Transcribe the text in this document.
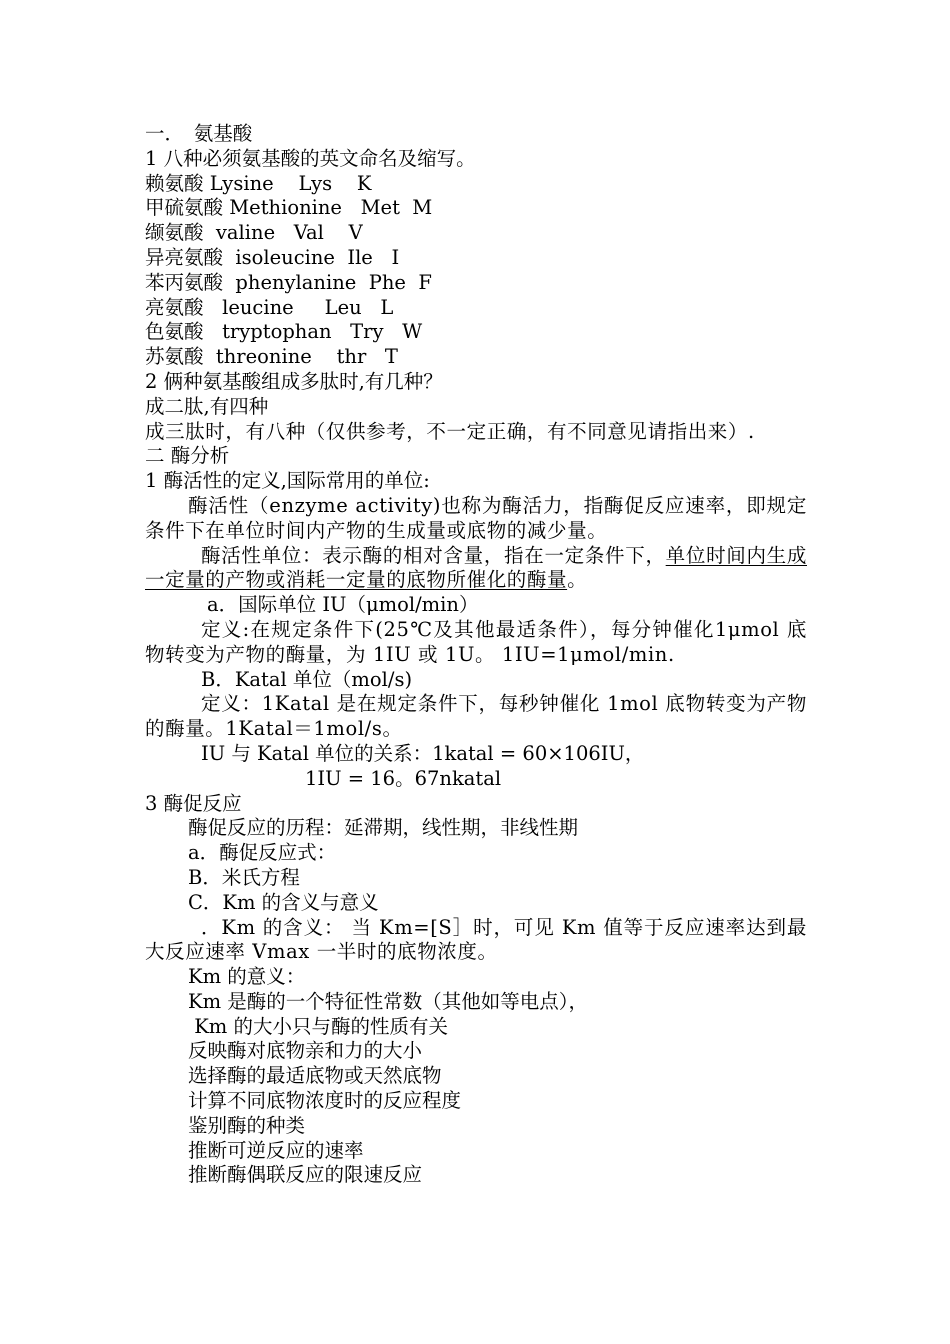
一．　氨基酸
1 八种必须氨基酸的英文命名及缩写。
赖氨酸 Lysine    Lys    K
甲硫氨酸 Methionine   Met  M
缬氨酸  valine   Val    V
异亮氨酸  isoleucine  Ile   I
苯丙氨酸  phenylanine  Phe  F
亮氨酸   leucine     Leu   L
色氨酸   tryptophan   Try   W
苏氨酸  threonine    thr   T
2 俩种氨基酸组成多肽时,有几种？
成二肽,有四种
成三肽时，有八种（仅供参考，不一定正确，有不同意见请指出来）.
二 酶分析
1 酶活性的定义,国际常用的单位:
酶活性（enzyme activity)也称为酶活力，指酶促反应速率，即规定条件下在单位时间内产物的生成量或底物的减少量。
酶活性单位：表示酶的相对含量，指在一定条件下，单位时间内生成一定量的产物或消耗一定量的底物所催化的酶量。
a．国际单位 IU（μmol/min）
定义:在规定条件下(25℃及其他最适条件），每分钟催化1μmol 底物转变为产物的酶量，为 1IU 或 1U。 1IU=1μmol/min.
B．Katal 单位（mol/s)
定义：1Katal 是在规定条件下，每秒钟催化 1mol 底物转变为产物的酶量。1Katal＝1mol/s。
IU 与 Katal 单位的关系：1katal = 60×106IU，
1IU = 16。67nkatal
3 酶促反应
酶促反应的历程：延滞期，线性期，非线性期
a．酶促反应式：
B．米氏方程
C．Km 的含义与意义
．Km 的含义： 当 Km=[S］时，可见 Km 值等于反应速率达到最大反应速率 Vmax 一半时的底物浓度。
Km 的意义：
Km 是酶的一个特征性常数（其他如等电点），
Km 的大小只与酶的性质有关
反映酶对底物亲和力的大小
选择酶的最适底物或天然底物
计算不同底物浓度时的反应程度
鉴别酶的种类
推断可逆反应的速率
推断酶偶联反应的限速反应
